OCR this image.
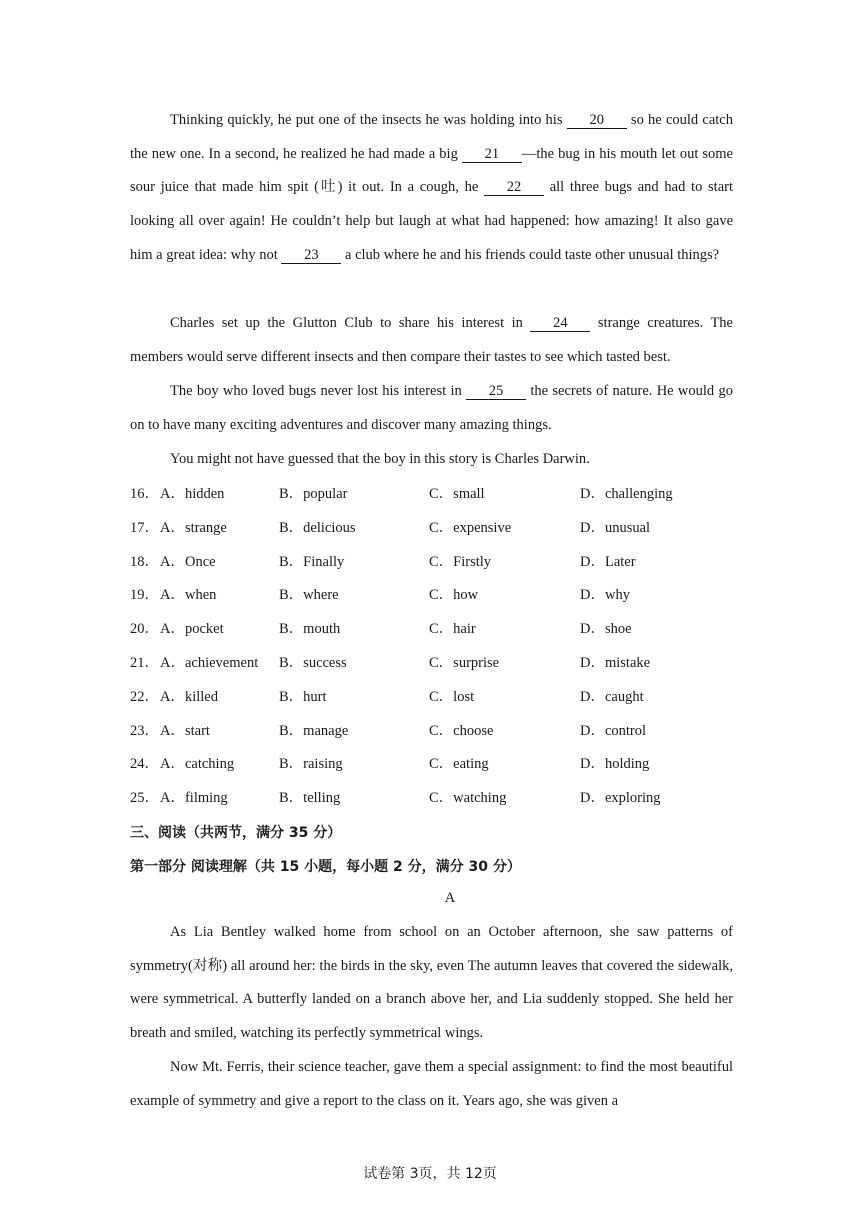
Thinking quickly, he put one of the insects he was holding into his 20 so he could catch the new one. In a second, he realized he had made a big 21 —the bug in his mouth let out some sour juice that made him spit (吐) it out. In a cough, he 22 all three bugs and had to start looking all over again! He couldn’t help but laugh at what had happened: how amazing! It also gave him a great idea: why not 23 a club where he and his friends could taste other unusual things?

Charles set up the Glutton Club to share his interest in 24 strange creatures. The members would serve different insects and then compare their tastes to see which tasted best.

The boy who loved bugs never lost his interest in 25 the secrets of nature. He would go on to have many exciting adventures and discover many amazing things.

You might not have guessed that the boy in this story is Charles Darwin.

16． A．hidden	B．popular	C．small	D．challenging
17． A．strange	B．delicious	C．expensive	D．unusual
18． A．Once	B．Finally	C．Firstly	D．Later
19． A．when	B．where	C．how	D．why
20． A．pocket	B．mouth	C．hair	D．shoe
21． A．achievement B．success	C．surprise	D．mistake
22． A．killed	B．hurt	C．lost	D．caught
23． A．start	B．manage	C．choose	D．control
24． A．catching	B．raising	C．eating	D．holding
25． A．filming	B．telling	C．watching	D．exploring
三、阅读（共两节，满分 35 分）
第一部分 阅读理解（共 15 小题，每小题 2 分，满分 30 分）
A

As Lia Bentley walked home from school on an October afternoon, she saw patterns of symmetry(对称) all around her: the birds in the sky, even The autumn leaves that covered the sidewalk, were symmetrical. A butterfly landed on a branch above her, and Lia suddenly stopped. She held her breath and smiled, watching its perfectly symmetrical wings.

Now Mt. Ferris, their science teacher, gave them a special assignment: to find the most beautiful example of symmetry and give a report to the class on it. Years ago, she was given a

试卷第 3页，共 12页
